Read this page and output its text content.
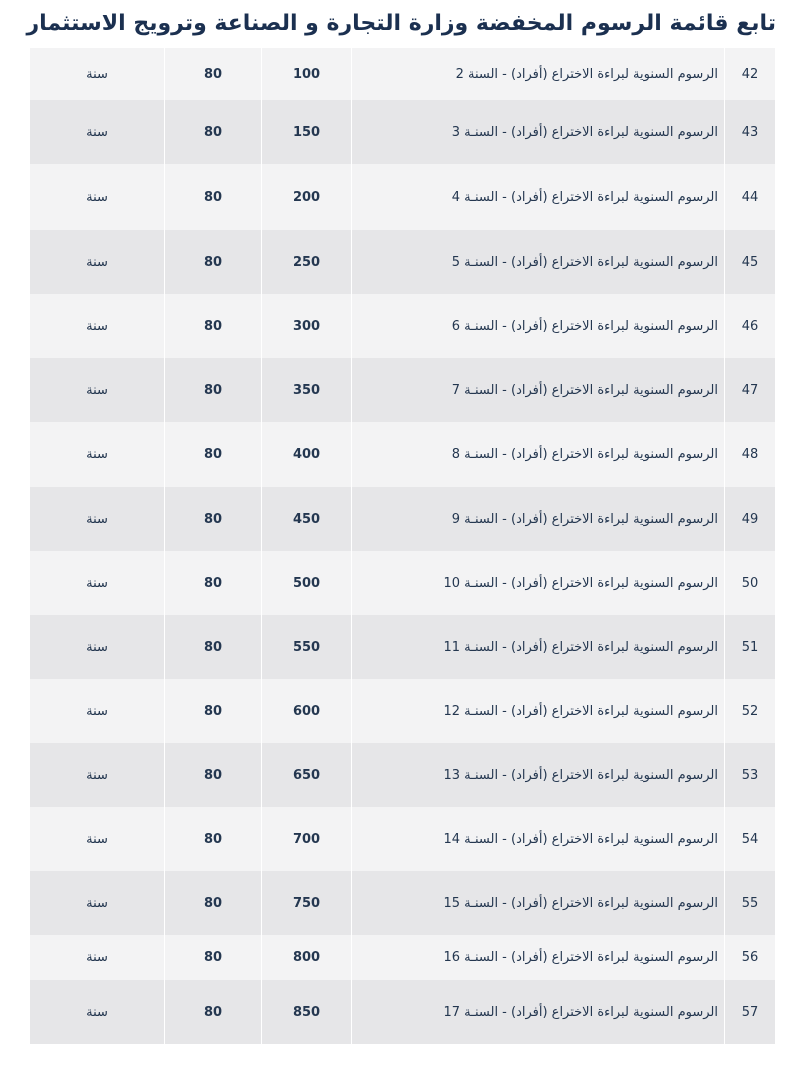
تابع قائمة الرسوم المخفضة وزارة التجارة و الصناعة وترويج الاستثمار
42
الرسوم السنوية لبراءة الاختراع (أفراد) - السنة 2
100
80
سنة
43
الرسوم السنوية لبراءة الاختراع (أفراد) - السنـة 3
150
80
سنة
44
الرسوم السنوية لبراءة الاختراع (أفراد) - السنـة 4
200
80
سنة
45
الرسوم السنوية لبراءة الاختراع (أفراد) - السنـة 5
250
80
سنة
46
الرسوم السنوية لبراءة الاختراع (أفراد) - السنـة 6
300
80
سنة
47
الرسوم السنوية لبراءة الاختراع (أفراد) - السنـة 7
350
80
سنة
48
الرسوم السنوية لبراءة الاختراع (أفراد) - السنـة 8
400
80
سنة
49
الرسوم السنوية لبراءة الاختراع (أفراد) - السنـة 9
450
80
سنة
50
الرسوم السنوية لبراءة الاختراع (أفراد) - السنـة 10
500
80
سنة
51
الرسوم السنوية لبراءة الاختراع (أفراد) - السنـة 11
550
80
سنة
52
الرسوم السنوية لبراءة الاختراع (أفراد) - السنـة 12
600
80
سنة
53
الرسوم السنوية لبراءة الاختراع (أفراد) - السنـة 13
650
80
سنة
54
الرسوم السنوية لبراءة الاختراع (أفراد) - السنـة 14
700
80
سنة
55
الرسوم السنوية لبراءة الاختراع (أفراد) - السنـة 15
750
80
سنة
56
الرسوم السنوية لبراءة الاختراع (أفراد) - السنـة 16
800
80
سنة
57
الرسوم السنوية لبراءة الاختراع (أفراد) - السنـة 17
850
80
سنة
